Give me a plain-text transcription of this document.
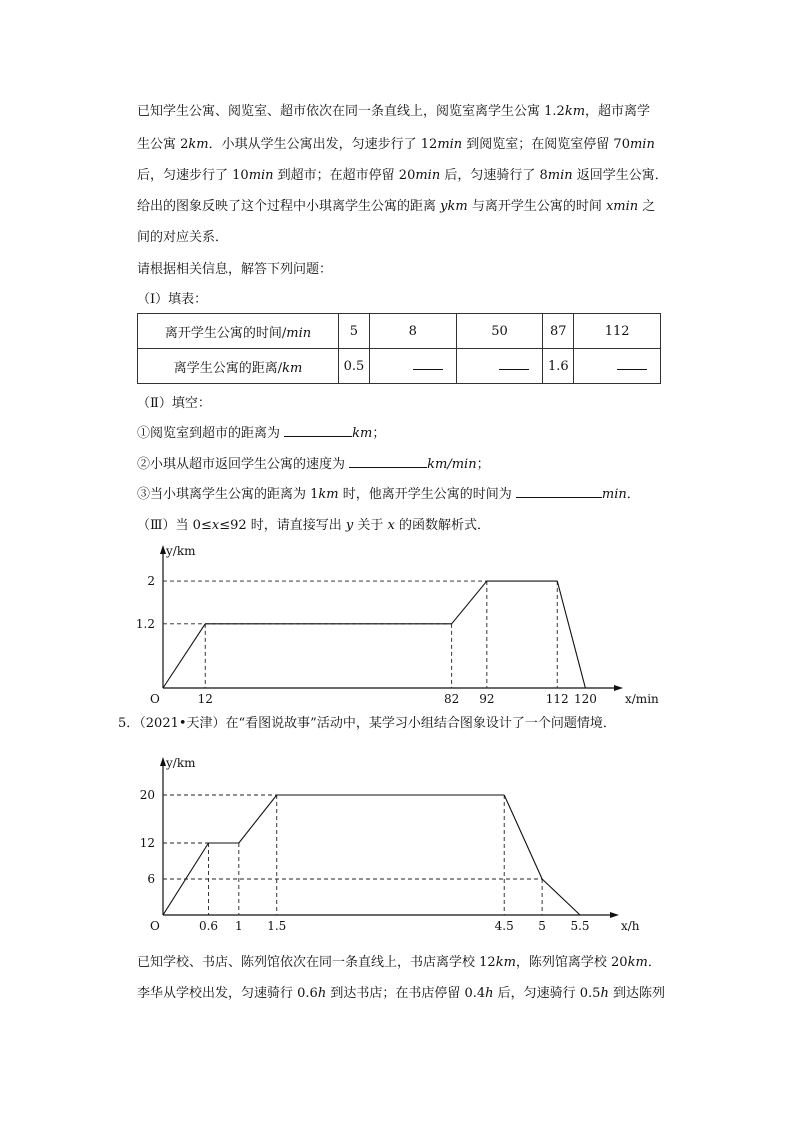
已知学生公寓、阅览室、超市依次在同一条直线上，阅览室离学生公寓 1.2km，超市离学
生公寓 2km．小琪从学生公寓出发，匀速步行了 12min 到阅览室；在阅览室停留 70min
后，匀速步行了 10min 到超市；在超市停留 20min 后，匀速骑行了 8min 返回学生公寓．
给出的图象反映了这个过程中小琪离学生公寓的距离 ykm 与离开学生公寓的时间 xmin 之
间的对应关系．
请根据相关信息，解答下列问题：
（Ⅰ）填表：
离开学生公寓的时间/min	5	8	50	87	112
离学生公寓的距离/km	0.5			1.6	
（Ⅱ）填空：
①阅览室到超市的距离为	km；
②小琪从超市返回学生公寓的速度为	km/min；
③当小琪离学生公寓的距离为 1km 时，他离开学生公寓的时间为	min．
（Ⅲ）当 0≤x≤92 时，请直接写出 y 关于 x 的函数解析式．
O
y/km
x/min
12	82 92	112 120
1.2
2
5．（2021•天津）在“看图说故事”活动中，某学习小组结合图象设计了一个问题情境．
O
y/km
x/h
0.6 1 1.5	4.5 5 5.5
6
12
20
已知学校、书店、陈列馆依次在同一条直线上，书店离学校 12km，陈列馆离学校 20km．
李华从学校出发，匀速骑行 0.6h 到达书店；在书店停留 0.4h 后，匀速骑行 0.5h 到达陈列
